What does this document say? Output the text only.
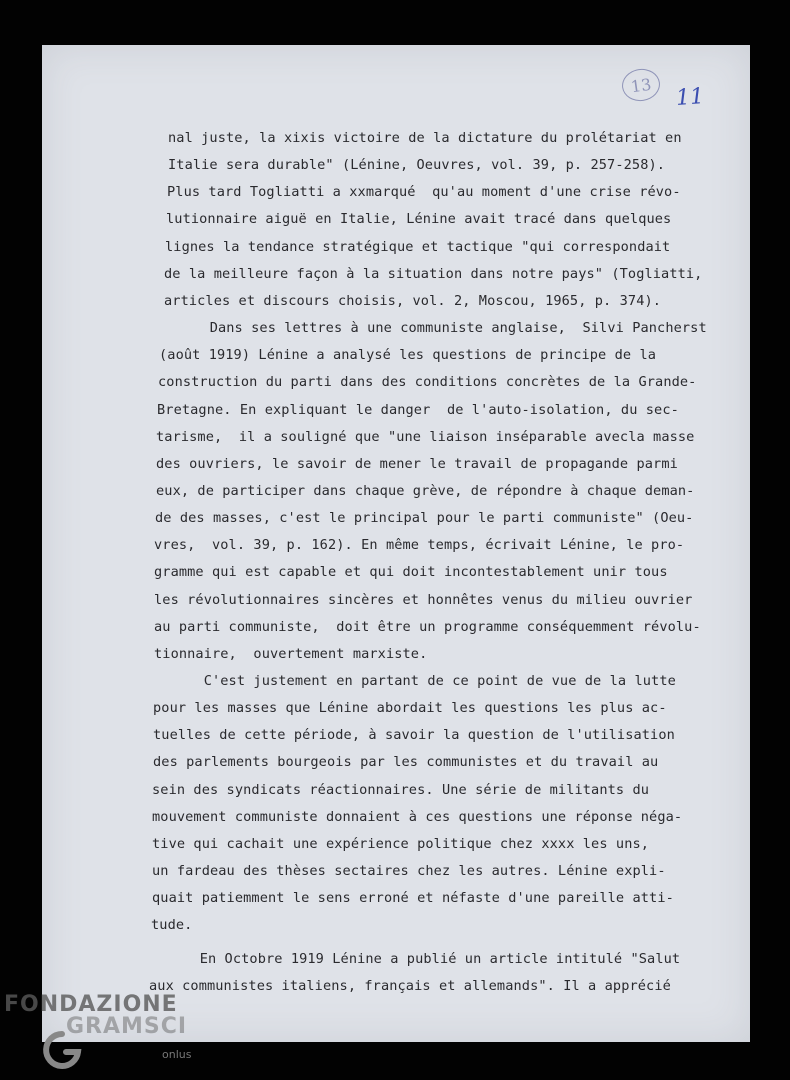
13	11
nal juste, la xixis victoire de la dictature du prolétariat en
Italie sera durable" (Lénine, Oeuvres, vol. 39, p. 257-258).
Plus tard Togliatti a xxmarqué  qu'au moment d'une crise révo-
lutionnaire aiguë en Italie, Lénine avait tracé dans quelques
lignes la tendance stratégique et tactique "qui correspondait
de la meilleure façon à la situation dans notre pays" (Togliatti,
articles et discours choisis, vol. 2, Moscou, 1965, p. 374).
Dans ses lettres à une communiste anglaise,  Silvi Pancherst
(août 1919) Lénine a analysé les questions de principe de la
construction du parti dans des conditions concrètes de la Grande-
Bretagne. En expliquant le danger  de l'auto-isolation, du sec-
tarisme,  il a souligné que "une liaison inséparable avecla masse
des ouvriers, le savoir de mener le travail de propagande parmi
eux, de participer dans chaque grève, de répondre à chaque deman-
de des masses, c'est le principal pour le parti communiste" (Oeu-
vres,  vol. 39, p. 162). En même temps, écrivait Lénine, le pro-
gramme qui est capable et qui doit incontestablement unir tous
les révolutionnaires sincères et honnêtes venus du milieu ouvrier
au parti communiste,  doit être un programme conséquemment révolu-
tionnaire,  ouvertement marxiste.
C'est justement en partant de ce point de vue de la lutte
pour les masses que Lénine abordait les questions les plus ac-
tuelles de cette période, à savoir la question de l'utilisation
des parlements bourgeois par les communistes et du travail au
sein des syndicats réactionnaires. Une série de militants du
mouvement communiste donnaient à ces questions une réponse néga-
tive qui cachait une expérience politique chez xxxx les uns,
un fardeau des thèses sectaires chez les autres. Lénine expli-
quait patiemment le sens erroné et néfaste d'une pareille atti-
tude.
En Octobre 1919 Lénine a publié un article intitulé "Salut
aux communistes italiens, français et allemands". Il a apprécié
FONDAZIONE
GRAMSCI
onlus
